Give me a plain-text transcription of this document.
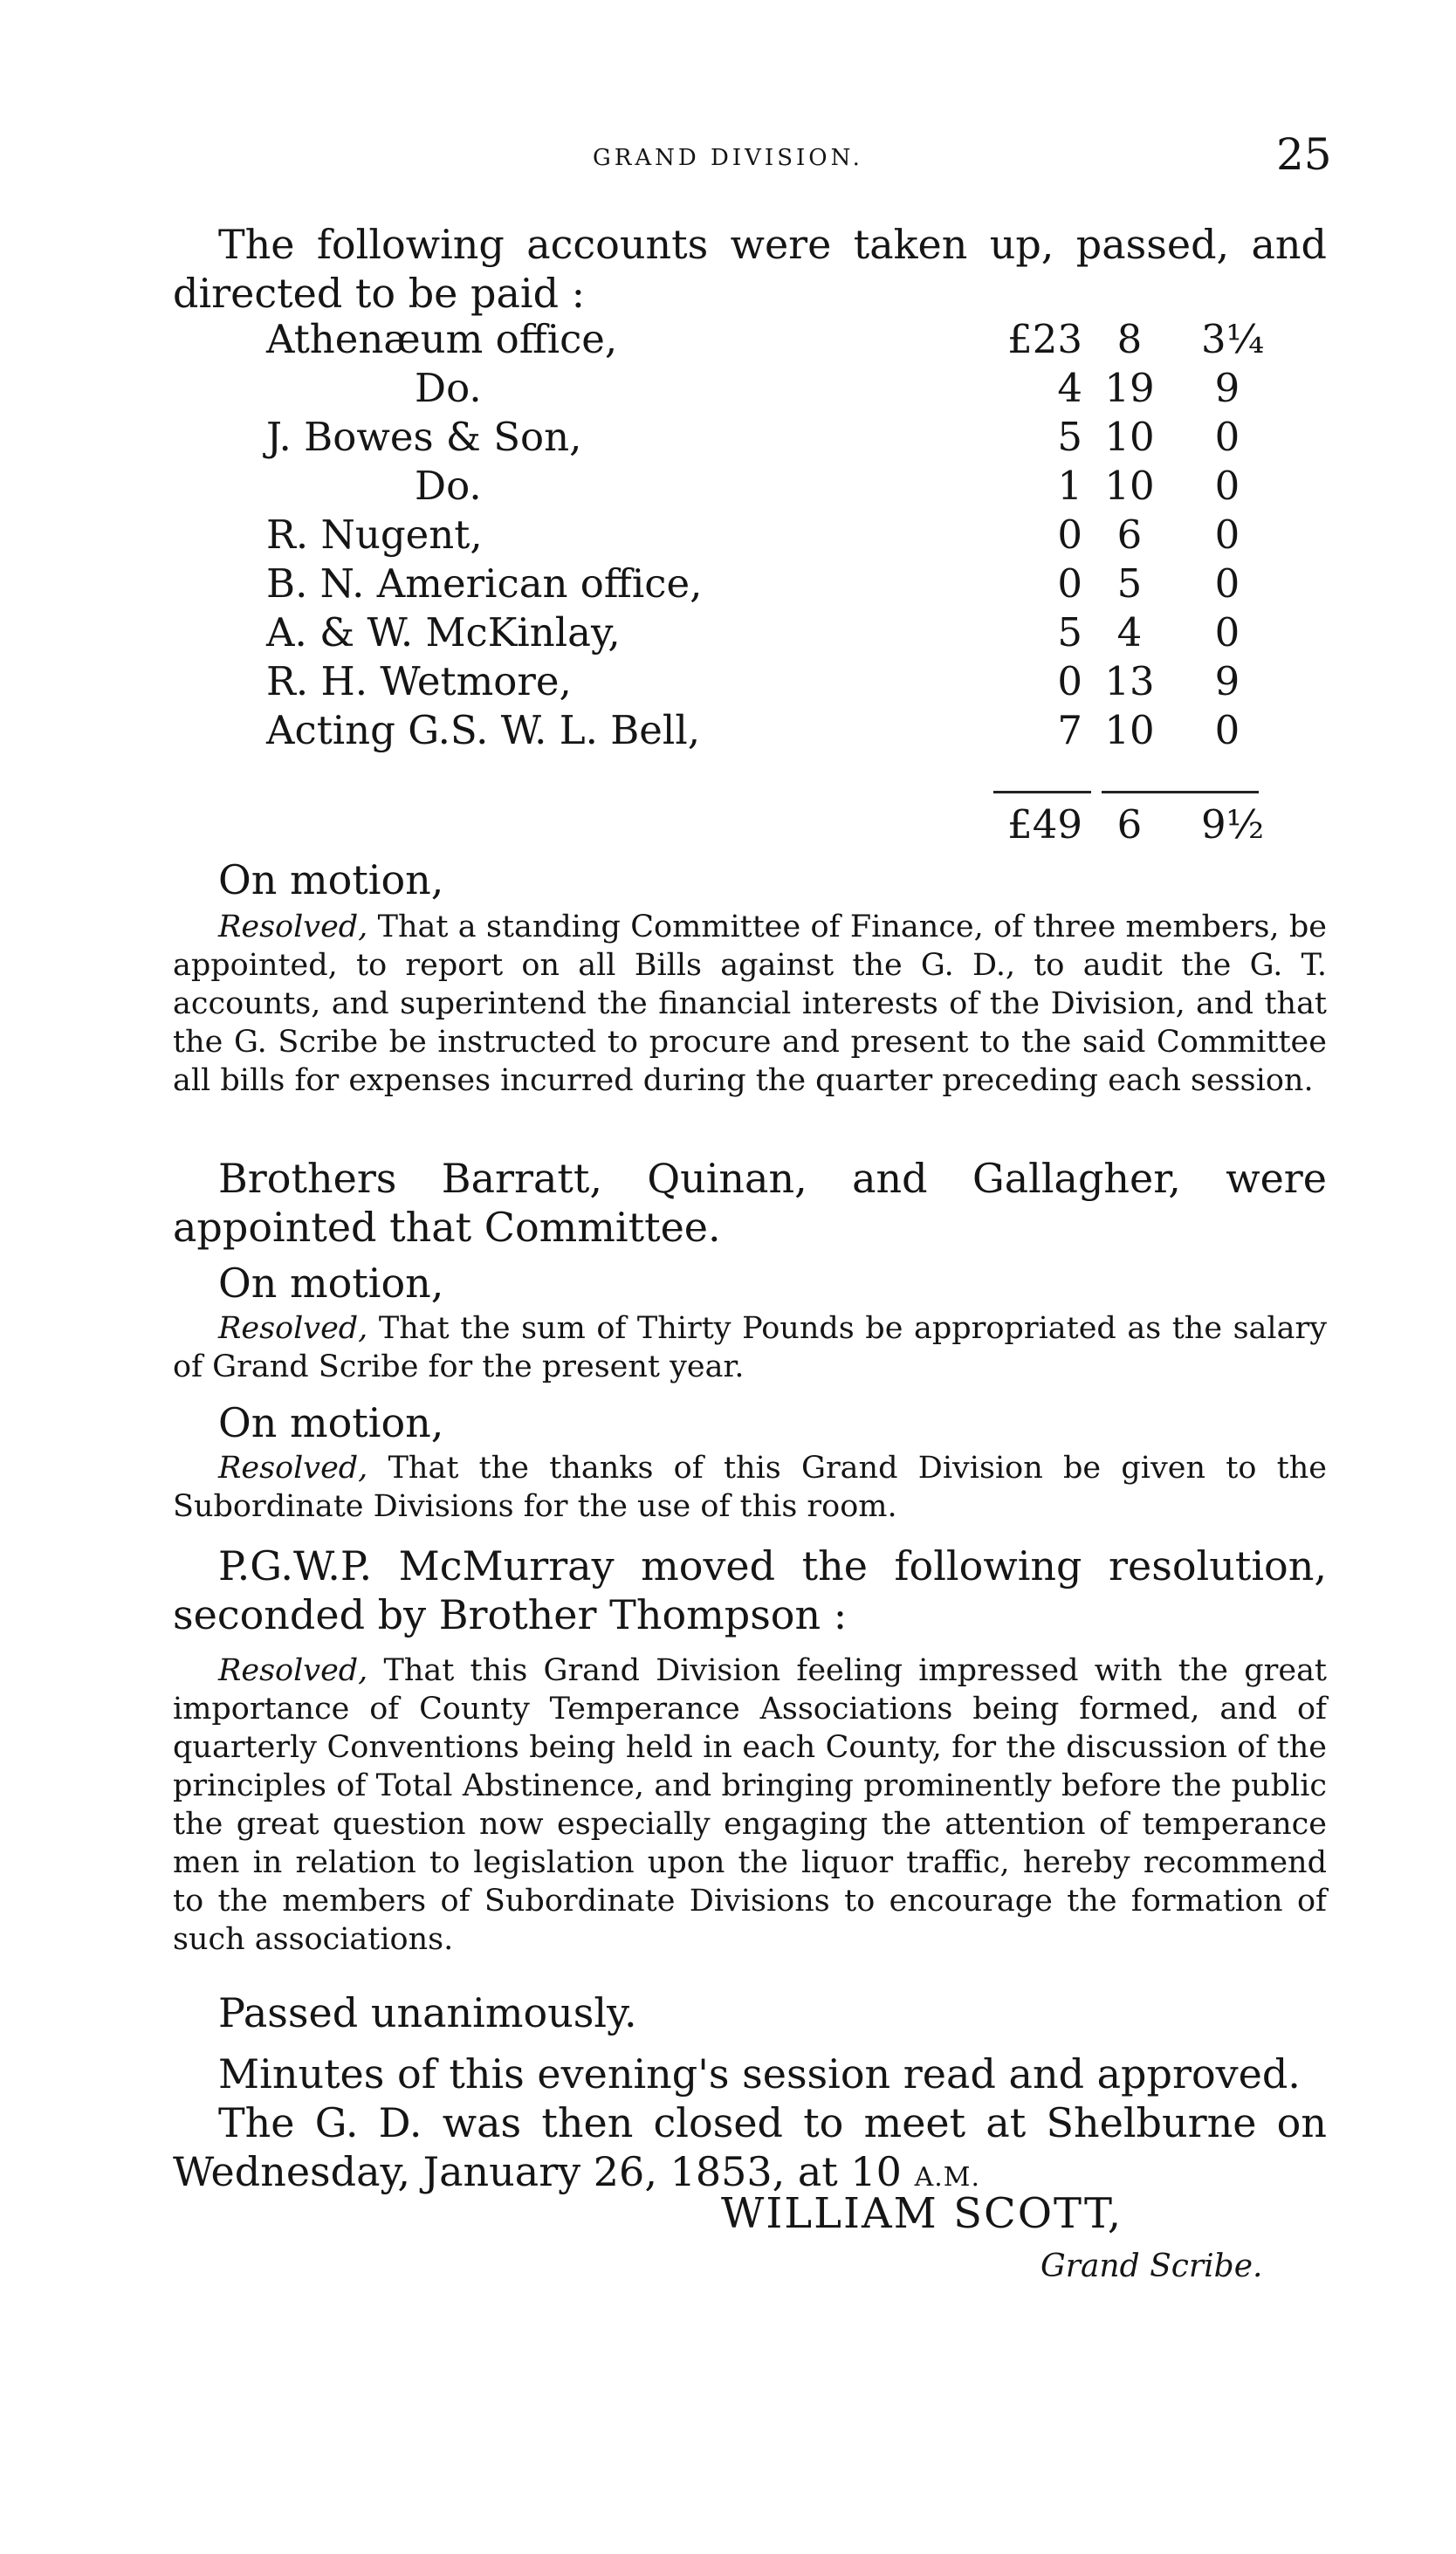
GRAND DIVISION.	25

The following accounts were taken up, passed, and directed to be paid :

Athenæum office,	£23 8	3¼
Do.	4 19	9
J. Bowes & Son,	5 10	0
Do.	1 10	0
R. Nugent,	0 6	0
B. N. American office,	0 5	0
A. & W. McKinlay,	5 4	0
R. H. Wetmore,	0 13	9
Acting G.S. W. L. Bell,	7 10	0
£49 6	9½

On motion,

Resolved, That a standing Committee of Finance, of three members, be appointed, to report on all Bills against the G. D., to audit the G. T. accounts, and superintend the financial interests of the Division, and that the G. Scribe be instructed to procure and present to the said Committee all bills for expenses incurred during the quarter preceding each session.

Brothers Barratt, Quinan, and Gallagher, were appointed that Committee.

On motion,

Resolved, That the sum of Thirty Pounds be appropriated as the salary of Grand Scribe for the present year.

On motion,

Resolved, That the thanks of this Grand Division be given to the Subordinate Divisions for the use of this room.

P.G.W.P. McMurray moved the following resolution, seconded by Brother Thompson :

Resolved, That this Grand Division feeling impressed with the great importance of County Temperance Associations being formed, and of quarterly Conventions being held in each County, for the discussion of the principles of Total Abstinence, and bringing prominently before the public the great question now especially engaging the attention of temperance men in relation to legislation upon the liquor traffic, hereby recommend to the members of Subordinate Divisions to encourage the formation of such associations.

Passed unanimously.

Minutes of this evening's session read and approved.

The G. D. was then closed to meet at Shelburne on Wednesday, January 26, 1853, at 10 A.M.

WILLIAM SCOTT,
Grand Scribe.
